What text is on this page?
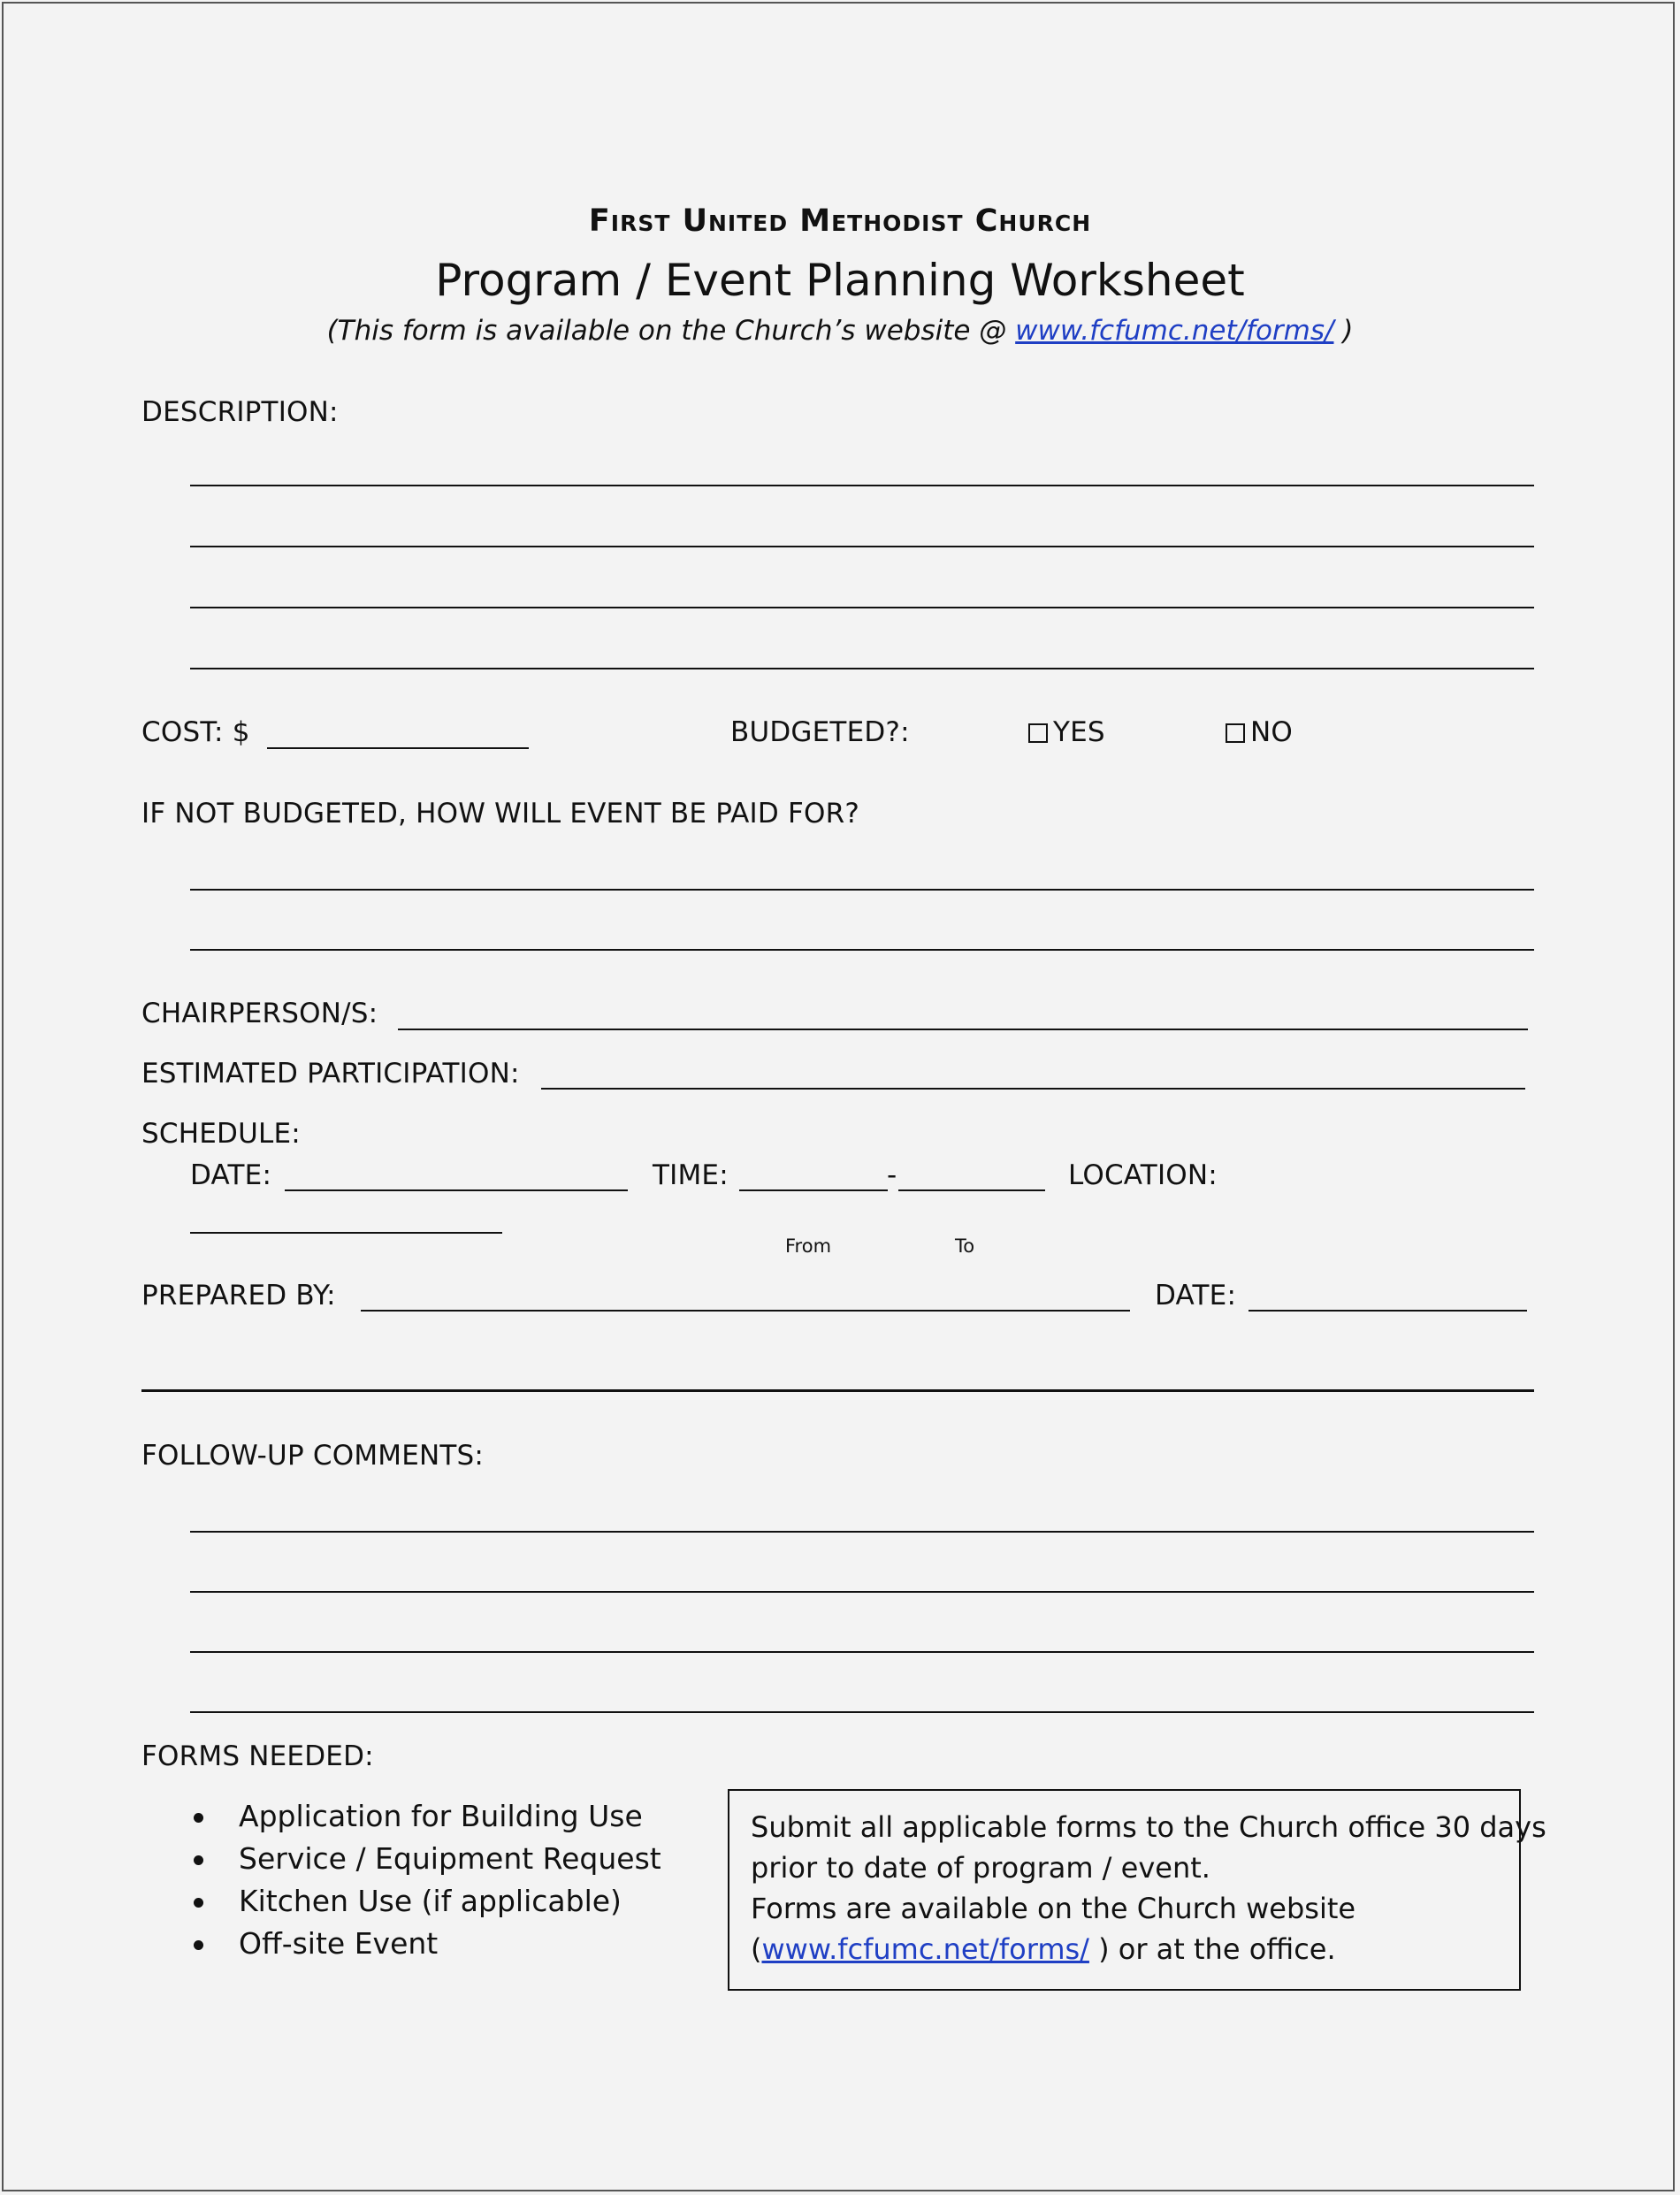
First United Methodist Church
Program / Event Planning Worksheet
(This form is available on the Church’s website @ www.fcfumc.net/forms/ )
DESCRIPTION:
COST: $	BUDGETED?:	YES	NO
IF NOT BUDGETED, HOW WILL EVENT BE PAID FOR?
CHAIRPERSON/S:
ESTIMATED PARTICIPATION:
SCHEDULE:
DATE:	TIME:	-	LOCATION:
From	To
PREPARED BY:	DATE:
FOLLOW-UP COMMENTS:
FORMS NEEDED:
Application for Building Use
Service / Equipment Request
Kitchen Use (if applicable)
Off-site Event
Submit all applicable forms to the Church office 30 days
prior to date of program / event.
Forms are available on the Church website
(www.fcfumc.net/forms/ ) or at the office.
